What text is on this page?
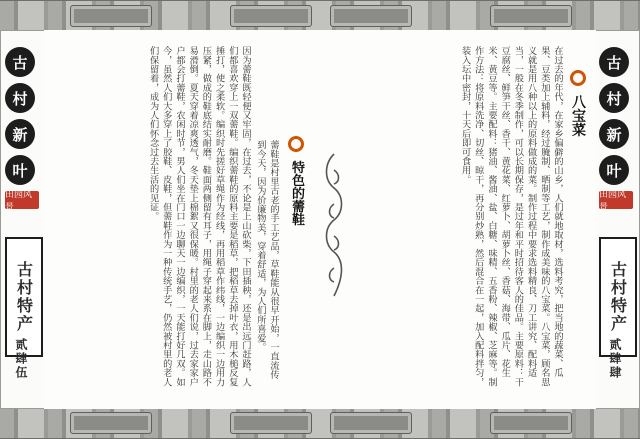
古
村
新
叶
田园风景
古村特产
贰肆伍
古
村
新
叶
田园风景
古村特产
贰肆肆
因为薷鞋既轻便又牢固，在过去，不论是上山砍柴，下田插秧，还是出远门赶路，人们都喜欢穿上一双薷鞋。编织薷鞋的原料主要是稻草，把稻草去掉叶衣，用木槌反复捶打，使之柔软。编织时先搓好草绳作为经线，再用稻草作纬线，一边编织一边用力压紧，做成的鞋底结实耐磨。鞋面两侧留有耳子，用绳子穿起来系在脚上，走山路不易滑倒。夏天穿着凉爽透气，冬天垫上棉絮又很保暖。村里的老人们说，过去家家户户都会打薷鞋，农闲时节，男人们坐在门口一边聊天一边编织，一天能打好几双。如今，虽然人们大多穿上了胶鞋、皮鞋，但薷鞋作为一种传统手艺，仍然被村里的老人们保留着，成为人们怀念过去生活的见证。
薷鞋是村里古老的手工艺品，草鞋能从很早开始，一直流传到今天，因为价廉物美，穿着舒适，为人们所喜爱。	特色的薷鞋	在过去的年代，在家乡偏僻的山乡，人们就地取材，选料考究，把当地的蔬菜、瓜果、豆类加上辅料，经过腌制、晒制等工艺，制作成美味的八宝菜。八宝菜，顾名思义就是用八种以上的原料做成的菜。制作过程中要求选料精良、刀工讲究、配料适当，一般在冬季制作，可以长期保存，是过年和平时招待客人的佳品。主要原料：干豆腐丝、鲜笋干丝、香干、黄花菜、红萝卜、胡萝卜丝、香菇、海带、瓜片、花生米、黄豆等。主要配料：猪油、酱油、盐、白糖、味精、五香粉、辣椒、芝麻等。制作方法：将原料洗净、切丝、晾干，再分别炒熟，然后混合在一起，加入配料拌匀，装入坛中密封，十天后即可食用。	八宝菜
